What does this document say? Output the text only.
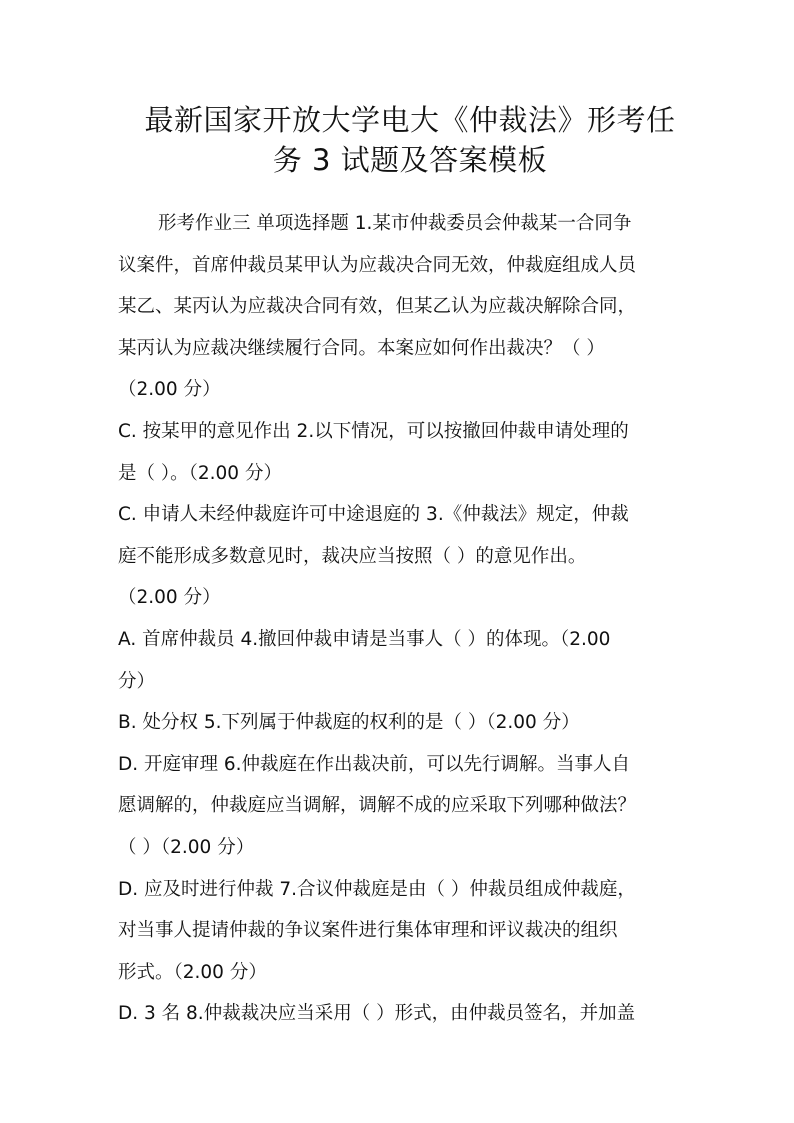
最新国家开放大学电大《仲裁法》形考任
务 3 试题及答案模板

形考作业三 单项选择题 1.某市仲裁委员会仲裁某一合同争

议案件，首席仲裁员某甲认为应裁决合同无效，仲裁庭组成人员

某乙、某丙认为应裁决合同有效，但某乙认为应裁决解除合同，

某丙认为应裁决继续履行合同。本案应如何作出裁决？（ ）

（2.00 分）

C. 按某甲的意见作出 2.以下情况，可以按撤回仲裁申请处理的

是（ ）。（2.00 分）

C. 申请人未经仲裁庭许可中途退庭的 3.《仲裁法》规定，仲裁

庭不能形成多数意见时，裁决应当按照（ ）的意见作出。

（2.00 分）

A. 首席仲裁员 4.撤回仲裁申请是当事人（ ）的体现。（2.00

分）

B. 处分权 5.下列属于仲裁庭的权利的是（ ）（2.00 分）

D. 开庭审理 6.仲裁庭在作出裁决前，可以先行调解。当事人自

愿调解的，仲裁庭应当调解，调解不成的应采取下列哪种做法？

（ ）（2.00 分）

D. 应及时进行仲裁 7.合议仲裁庭是由（ ）仲裁员组成仲裁庭，

对当事人提请仲裁的争议案件进行集体审理和评议裁决的组织

形式。（2.00 分）

D. 3 名 8.仲裁裁决应当采用（ ）形式，由仲裁员签名，并加盖
